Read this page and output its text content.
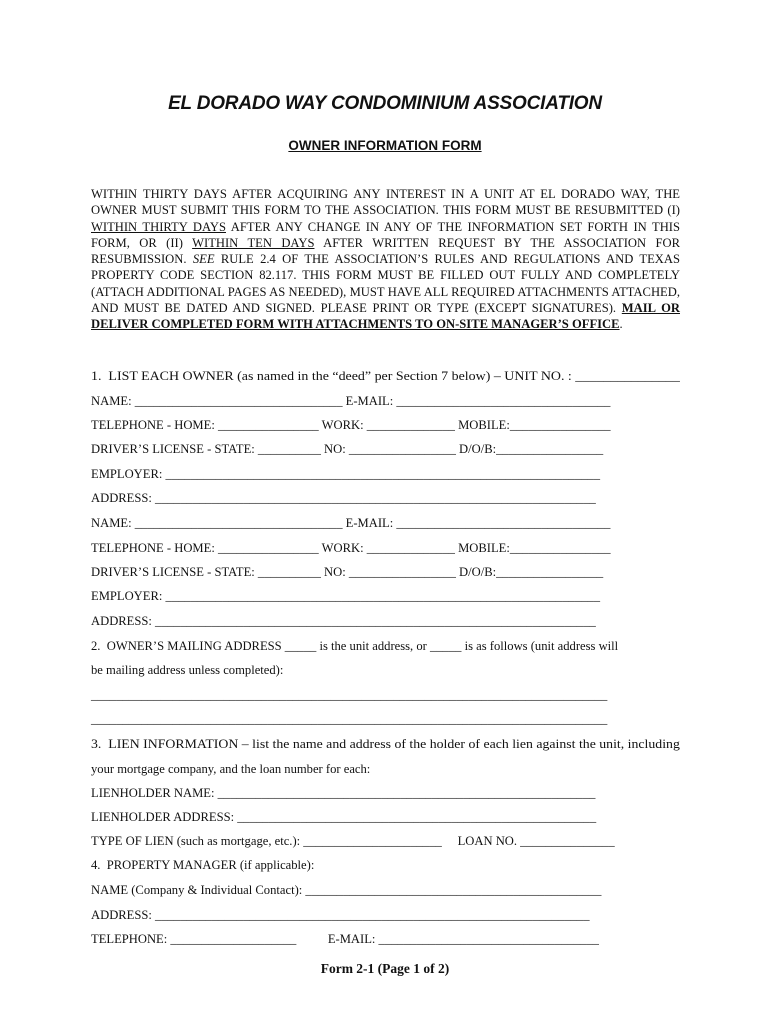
EL DORADO WAY CONDOMINIUM ASSOCIATION
OWNER INFORMATION FORM
WITHIN THIRTY DAYS AFTER ACQUIRING ANY INTEREST IN A UNIT AT EL DORADO WAY, THE OWNER MUST SUBMIT THIS FORM TO THE ASSOCIATION. THIS FORM MUST BE RESUBMITTED (I) WITHIN THIRTY DAYS AFTER ANY CHANGE IN ANY OF THE INFORMATION SET FORTH IN THIS FORM, OR (II) WITHIN TEN DAYS AFTER WRITTEN REQUEST BY THE ASSOCIATION FOR RESUBMISSION. SEE RULE 2.4 OF THE ASSOCIATION’S RULES AND REGULATIONS AND TEXAS PROPERTY CODE SECTION 82.117. THIS FORM MUST BE FILLED OUT FULLY AND COMPLETELY (ATTACH ADDITIONAL PAGES AS NEEDED), MUST HAVE ALL REQUIRED ATTACHMENTS ATTACHED, AND MUST BE DATED AND SIGNED. PLEASE PRINT OR TYPE (EXCEPT SIGNATURES). MAIL OR DELIVER COMPLETED FORM WITH ATTACHMENTS TO ON-SITE MANAGER’S OFFICE.
1.  LIST EACH OWNER (as named in the “deed” per Section 7 below) – UNIT NO. : _______________
NAME: _________________________________ E-MAIL: __________________________________
TELEPHONE - HOME: ________________ WORK: ______________ MOBILE:________________
DRIVER’S LICENSE - STATE: __________ NO: _________________ D/O/B:_________________
EMPLOYER: _____________________________________________________________________
ADDRESS: ______________________________________________________________________
NAME: _________________________________ E-MAIL: __________________________________
TELEPHONE - HOME: ________________ WORK: ______________ MOBILE:________________
DRIVER’S LICENSE - STATE: __________ NO: _________________ D/O/B:_________________
EMPLOYER: _____________________________________________________________________
ADDRESS: ______________________________________________________________________
2.  OWNER’S MAILING ADDRESS _____ is the unit address, or _____ is as follows (unit address will
be mailing address unless completed):
__________________________________________________________________________________
__________________________________________________________________________________
3.  LIEN INFORMATION – list the name and address of the holder of each lien against the unit, including
your mortgage company, and the loan number for each:
LIENHOLDER NAME: ____________________________________________________________
LIENHOLDER ADDRESS: _________________________________________________________
TYPE OF LIEN (such as mortgage, etc.): ______________________     LOAN NO. _______________
4.  PROPERTY MANAGER (if applicable):
NAME (Company & Individual Contact): _______________________________________________
ADDRESS: _____________________________________________________________________
TELEPHONE: ____________________          E-MAIL: ___________________________________
Form 2-1 (Page 1 of 2)
